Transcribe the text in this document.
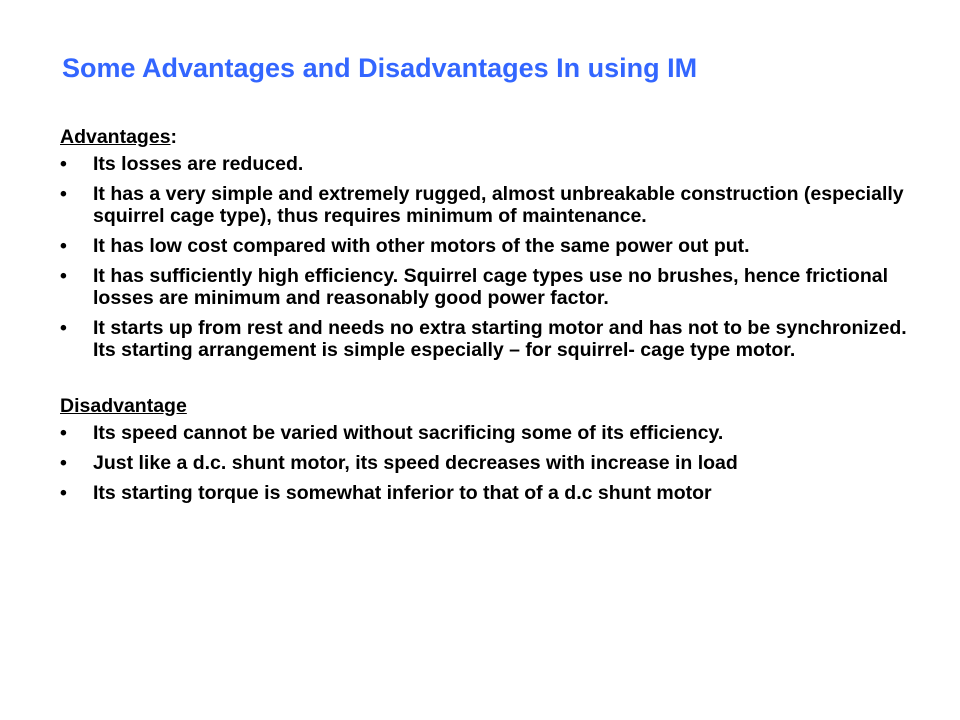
Some Advantages and Disadvantages In using IM
Advantages:
•	Its losses are reduced.
•	It has a very simple and extremely rugged, almost unbreakable construction (especially squirrel cage type), thus requires minimum of maintenance.
•	It has low cost compared with other motors of the same power out put.
•	It has sufficiently high efficiency. Squirrel cage types use no brushes, hence frictional losses are minimum and reasonably good power factor.
•	It starts up from rest and needs no extra starting motor and has not to be synchronized. Its starting arrangement is simple especially – for squirrel- cage type motor.
Disadvantage
•	Its speed cannot be varied without sacrificing some of its efficiency.
•	Just like a d.c. shunt motor, its speed decreases with increase in load
•	Its starting torque is somewhat inferior to that of a d.c shunt motor
